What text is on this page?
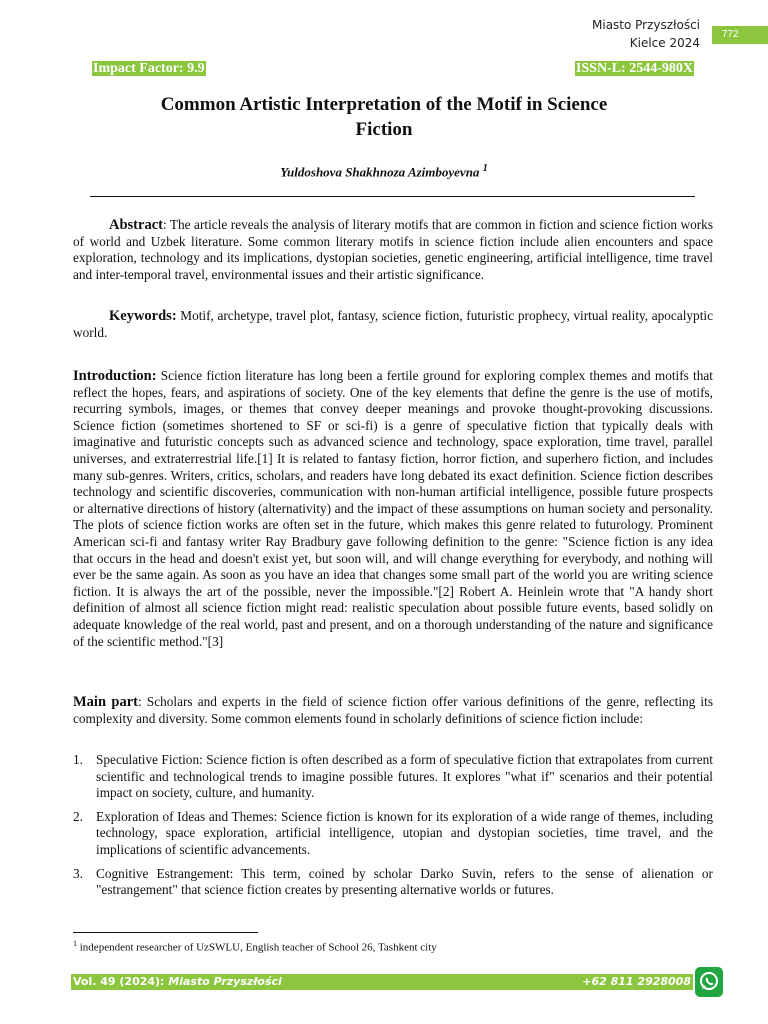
Miasto Przyszłości
Kielce 2024
772
Impact Factor: 9.9	ISSN-L: 2544-980X
Common Artistic Interpretation of the Motif in Science
Fiction
Yuldoshova Shakhnoza Azimboyevna $^1$

Abstract: The article reveals the analysis of literary motifs that are common in fiction and science fiction works of world and Uzbek literature. Some common literary motifs in science fiction include alien encounters and space exploration, technology and its implications, dystopian societies, genetic engineering, artificial intelligence, time travel and inter-temporal travel, environmental issues and their artistic significance.

Keywords: Motif, archetype, travel plot, fantasy, science fiction, futuristic prophecy, virtual reality, apocalyptic world.

Introduction: Science fiction literature has long been a fertile ground for exploring complex themes and motifs that reflect the hopes, fears, and aspirations of society. One of the key elements that define the genre is the use of motifs, recurring symbols, images, or themes that convey deeper meanings and provoke thought-provoking discussions. Science fiction (sometimes shortened to SF or sci-fi) is a genre of speculative fiction that typically deals with imaginative and futuristic concepts such as advanced science and technology, space exploration, time travel, parallel universes, and extraterrestrial life.[1] It is related to fantasy fiction, horror fiction, and superhero fiction, and includes many sub-genres. Writers, critics, scholars, and readers have long debated its exact definition. Science fiction describes technology and scientific discoveries, communication with non-human artificial intelligence, possible future prospects or alternative directions of history (alternativity) and the impact of these assumptions on human society and personality. The plots of science fiction works are often set in the future, which makes this genre related to futurology. Prominent American sci-fi and fantasy writer Ray Bradbury gave following definition to the genre: "Science fiction is any idea that occurs in the head and doesn't exist yet, but soon will, and will change everything for everybody, and nothing will ever be the same again. As soon as you have an idea that changes some small part of the world you are writing science fiction. It is always the art of the possible, never the impossible."[2] Robert A. Heinlein wrote that "A handy short definition of almost all science fiction might read: realistic speculation about possible future events, based solidly on adequate knowledge of the real world, past and present, and on a thorough understanding of the nature and significance of the scientific method."[3]

Main part: Scholars and experts in the field of science fiction offer various definitions of the genre, reflecting its complexity and diversity. Some common elements found in scholarly definitions of science fiction include:

1. Speculative Fiction: Science fiction is often described as a form of speculative fiction that extrapolates from current scientific and technological trends to imagine possible futures. It explores "what if" scenarios and their potential impact on society, culture, and humanity.
2. Exploration of Ideas and Themes: Science fiction is known for its exploration of a wide range of themes, including technology, space exploration, artificial intelligence, utopian and dystopian societies, time travel, and the implications of scientific advancements.
3. Cognitive Estrangement: This term, coined by scholar Darko Suvin, refers to the sense of alienation or "estrangement" that science fiction creates by presenting alternative worlds or futures.
$^1$ independent researcher of UzSWLU, English teacher of School 26, Tashkent city
Vol. 49 (2024): Miasto Przyszłości	+62 811 2928008
